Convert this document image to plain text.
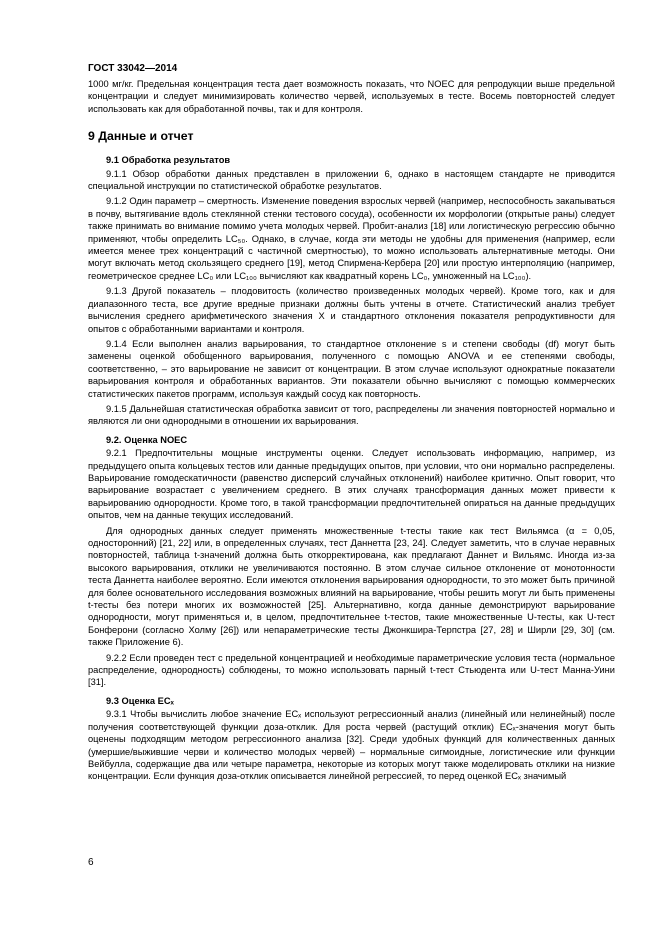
ГОСТ 33042—2014

1000 мг/кг. Предельная концентрация теста дает возможность показать, что NOEC для репродукции выше предельной концентрации и следует минимизировать количество червей, используемых в тесте. Восемь повторностей следует использовать как для обработанной почвы, так и для контроля.

9 Данные и отчет
9.1 Обработка результатов

9.1.1 Обзор обработки данных представлен в приложении 6, однако в настоящем стандарте не приводится специальной инструкции по статистической обработке результатов.

9.1.2 Один параметр – смертность. Изменение поведения взрослых червей (например, неспособность закапываться в почву, вытягивание вдоль стеклянной стенки тестового сосуда), особенности их морфологии (открытые раны) следует также принимать во внимание помимо учета молодых червей. Пробит-анализ [18] или логистическую регрессию обычно применяют, чтобы определить LC₅₀. Однако, в случае, когда эти методы не удобны для применения (например, если имеется менее трех концентраций с частичной смертностью), то можно использовать альтернативные методы. Они могут включать метод скользящего среднего [19], метод Спирмена-Кербера [20] или простую интерполяцию (например, геометрическое среднее LC₀ или LC₁₀₀ вычисляют как квадратный корень LC₀, умноженный на LC₁₀₀).

9.1.3 Другой показатель – плодовитость (количество произведенных молодых червей). Кроме того, как и для диапазонного теста, все другие вредные признаки должны быть учтены в отчете. Статистический анализ требует вычисления среднего арифметического значения X и стандартного отклонения показателя репродуктивности для опытов с обработанными вариантами и контроля.

9.1.4 Если выполнен анализ варьирования, то стандартное отклонение s и степени свободы (df) могут быть заменены оценкой обобщенного варьирования, полученного с помощью ANOVA и ее степенями свободы, соответственно, – это варьирование не зависит от концентрации. В этом случае используют однократные показатели варьирования контроля и обработанных вариантов. Эти показатели обычно вычисляют с помощью коммерческих статистических пакетов программ, используя каждый сосуд как повторность.

9.1.5 Дальнейшая статистическая обработка зависит от того, распределены ли значения повторностей нормально и являются ли они однородными в отношении их варьирования.

9.2. Оценка NOEC

9.2.1 Предпочтительны мощные инструменты оценки. Следует использовать информацию, например, из предыдущего опыта кольцевых тестов или данные предыдущих опытов, при условии, что они нормально распределены. Варьирование гомодескатичности (равенство дисперсий случайных отклонений) наиболее критично. Опыт говорит, что варьирование возрастает с увеличением среднего. В этих случаях трансформация данных может привести к варьированию однородности. Кроме того, в такой трансформации предпочтительней опираться на данные предыдущих опытов, чем на данные текущих исследований.

Для однородных данных следует применять множественные t-тесты такие как тест Вильямса (α = 0,05, односторонний) [21, 22] или, в определенных случаях, тест Даннетта [23, 24]. Следует заметить, что в случае неравных повторностей, таблица t-значений должна быть откорректирована, как предлагают Даннет и Вильямс. Иногда из-за высокого варьирования, отклики не увеличиваются постоянно. В этом случае сильное отклонение от монотонности теста Даннетта наиболее вероятно. Если имеются отклонения варьирования однородности, то это может быть причиной для более основательного исследования возможных влияний на варьирование, чтобы решить могут ли быть применены t-тесты без потери многих их возможностей [25]. Альтернативно, когда данные демонстрируют варьирование однородности, могут применяться и, в целом, предпочтительнее t-тестов, такие множественные U-тесты, как U-тест Бонферони (согласно Холму [26]) или непараметрические тесты Джонкшира-Терпстра [27, 28] и Ширли [29, 30] (см. также Приложение 6).

9.2.2 Если проведен тест с предельной концентрацией и необходимые параметрические условия теста (нормальное распределение, однородность) соблюдены, то можно использовать парный t-тест Стьюдента или U-тест Манна-Уини [31].

9.3 Оценка ECₓ

9.3.1 Чтобы вычислить любое значение ECₓ используют регрессионный анализ (линейный или нелинейный) после получения соответствующей функции доза-отклик. Для роста червей (растущий отклик) ECₓ-значения могут быть оценены подходящим методом регрессионного анализа [32]. Среди удобных функций для количественных данных (умершие/выжившие черви и количество молодых червей) – нормальные сигмоидные, логистические или функции Вейбулла, содержащие два или четыре параметра, некоторые из которых могут также моделировать отклики на низкие концентрации. Если функция доза-отклик описывается линейной регрессией, то перед оценкой ECₓ значимый

6
